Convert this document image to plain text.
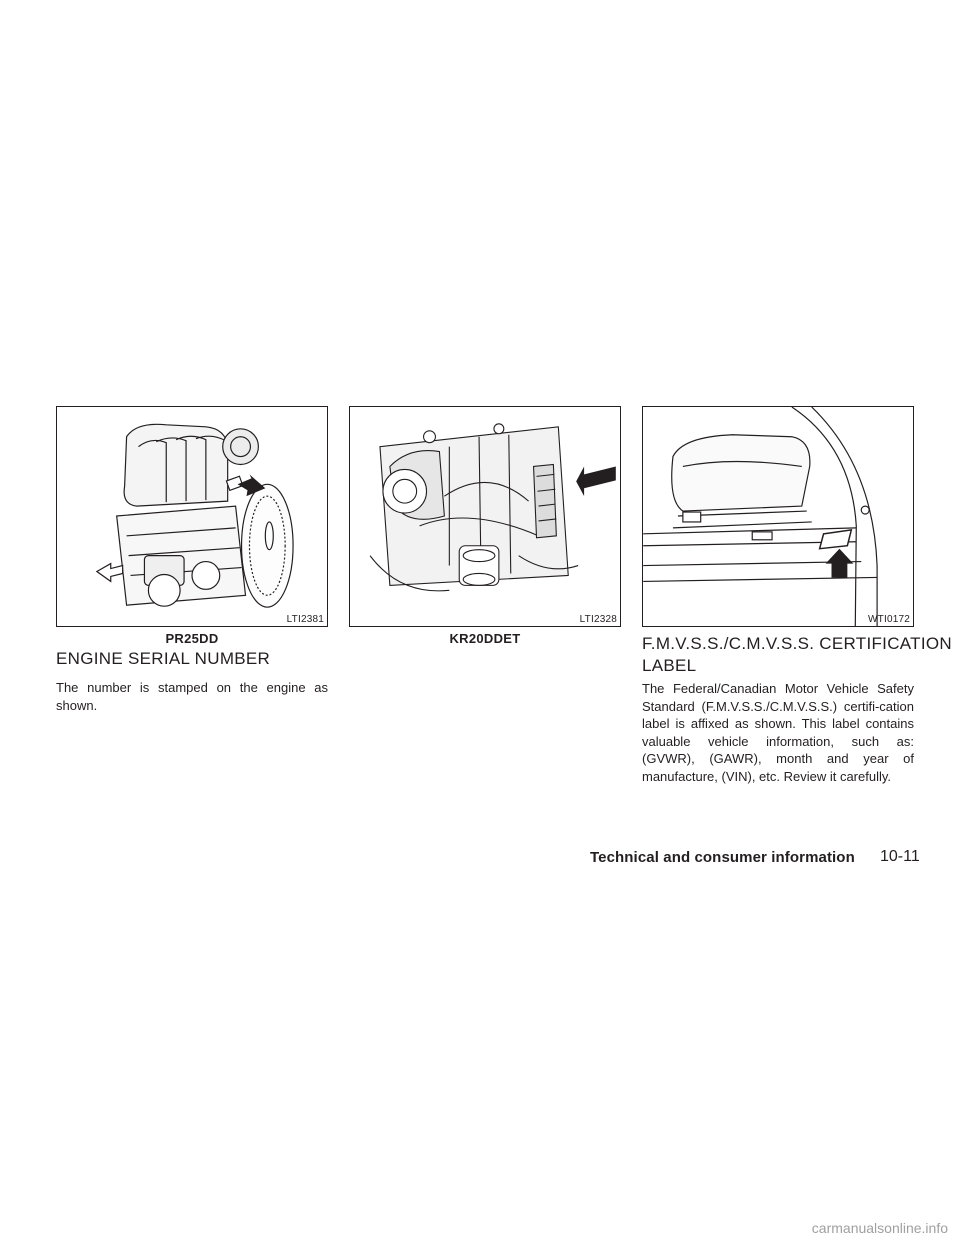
LTI2381
PR25DD
LTI2328
KR20DDET
WTI0172
ENGINE SERIAL NUMBER

The number is stamped on the engine as shown.

F.M.V.S.S./C.M.V.S.S. CERTIFICATION
LABEL

The Federal/Canadian Motor Vehicle Safety Standard (F.M.V.S.S./C.M.V.S.S.) certifi-cation label is affixed as shown. This label contains valuable vehicle information, such as: (GVWR), (GAWR), month and year of manufacture, (VIN), etc. Review it carefully.

Technical and consumer information 10-11
carmanualsonline.info
